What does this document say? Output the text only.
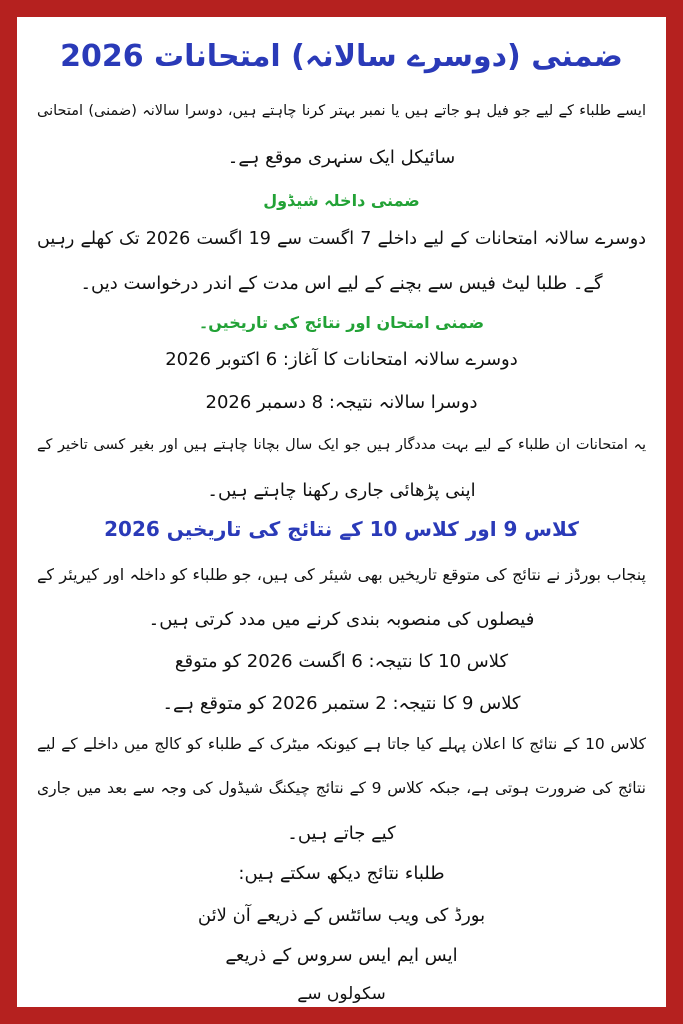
ضمنی (دوسرے سالانہ) امتحانات 2026
ایسے طلباء کے لیے جو فیل ہو جاتے ہیں یا نمبر بہتر کرنا چاہتے ہیں، دوسرا سالانہ (ضمنی) امتحانی
سائیکل ایک سنہری موقع ہے۔
ضمنی داخلہ شیڈول
دوسرے سالانہ امتحانات کے لیے داخلے 7 اگست سے 19 اگست 2026 تک کھلے رہیں
گے۔ طلبا لیٹ فیس سے بچنے کے لیے اس مدت کے اندر درخواست دیں۔
ضمنی امتحان اور نتائج کی تاریخیں۔
دوسرے سالانہ امتحانات کا آغاز: 6 اکتوبر 2026
دوسرا سالانہ نتیجہ: 8 دسمبر 2026
یہ امتحانات ان طلباء کے لیے بہت مددگار ہیں جو ایک سال بچانا چاہتے ہیں اور بغیر کسی تاخیر کے
اپنی پڑھائی جاری رکھنا چاہتے ہیں۔
کلاس 9 اور کلاس 10 کے نتائج کی تاریخیں 2026
پنجاب بورڈز نے نتائج کی متوقع تاریخیں بھی شیئر کی ہیں، جو طلباء کو داخلہ اور کیریئر کے
فیصلوں کی منصوبہ بندی کرنے میں مدد کرتی ہیں۔
کلاس 10 کا نتیجہ: 6 اگست 2026 کو متوقع
کلاس 9 کا نتیجہ: 2 ستمبر 2026 کو متوقع ہے۔
کلاس 10 کے نتائج کا اعلان پہلے کیا جاتا ہے کیونکہ میٹرک کے طلباء کو کالج میں داخلے کے لیے
نتائج کی ضرورت ہوتی ہے، جبکہ کلاس 9 کے نتائج چیکنگ شیڈول کی وجہ سے بعد میں جاری
کیے جاتے ہیں۔
طلباء نتائج دیکھ سکتے ہیں:
بورڈ کی ویب سائٹس کے ذریعے آن لائن
ایس ایم ایس سروس کے ذریعے
سکولوں سے
